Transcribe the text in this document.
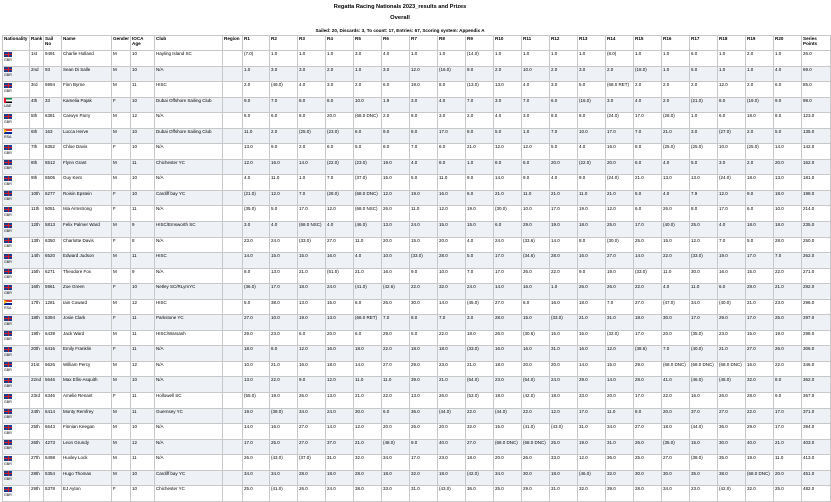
Regatta Racing Nationals 2023_results and Prizes
Overall
Sailed: 20, Discards: 3, To count: 17, Entries: 67, Scoring system: Appendix A
Nationality	Rank	Sail No	Name	Gender	IOCA Age	Club	Region	R1	R2	R3	R4	R5	R6	R7	R8	R9	R10	R11	R12	R13	R14	R15	R16	R17	R18	R19	R20	Series Points

GBR	1st	9491	Charlie Holland	M	10	Hayling Island SC		(7.0)	1.0	1.0	1.0	3.0	4.0	1.0	1.0	(14.0)	1.0	1.0	1.0	1.0	(8.0)	1.0	1.0	6.0	1.0	2.0	1.0	26.0

GBR	2nd	93	Sean Di Salle	M	10	N/A		1.0	3.0	3.0	2.0	1.0	3.0	12.0	(16.0)	9.0	2.0	10.0	2.0	3.0	2.0	(18.0)	1.0	5.0	1.0	1.0	4.0	69.0

GBR	3rd	6994	Finn Byrne	M	11	HISC		2.0	(49.0)	4.0	3.0	2.0	6.0	19.0	8.0	(13.0)	13.0	4.0	3.0	5.0	(68.0 RET)	2.0	2.0	2.0	12.0	2.0	6.0	85.0

UAE	4th	33	Kamelia Pajak	F	10	Dubai Offshore Sailing Club		9.0	7.0	8.0	8.0	10.0	1.9	3.0	4.0	7.0	3.0	7.0	6.0	(16.0)	3.0	4.0	2.0	(21.0)	8.0	(19.0)	9.0	98.0

GBR	5th	6381	Carwyn Parry	M	12	N/A		6.0	6.0	8.0	20.0	(68.0 DNC)	2.0	8.0	3.0	2.0	4.0	3.0	8.0	8.0	(24.0)	17.0	(28.0)	1.0	6.0	18.0	8.0	123.0

RSA	6th	163	Lucca Herve	M	10	Dubai Offshore Sailing Club		11.0	2.0	(25.0)	(23.0)	6.0	9.0	8.0	17.0	8.0	5.0	1.0	7.0	10.0	17.0	7.0	21.0	3.0	(27.0)	2.0	5.0	135.0

GBR	7th	6352	Chloe Davis	F	10	N/A		13.0	9.0	2.0	6.0	5.0	8.0	7.0	6.0	21.0	12.0	12.0	5.0	4.0	16.0	8.0	(25.0)	(25.0)	10.0	(25.0)	14.0	142.0

GBR	8th	5512	Flynn Grant	M	11	Chichester YC		12.0	16.0	14.0	(22.0)	(23.0)	19.0	4.0	8.0	1.0	8.0	6.0	20.0	(22.0)	20.0	6.0	4.0	5.0	3.0	2.0	20.0	162.0

GBR	9th	6505	Guy Kent	M	10	N/A		4.0	11.0	1.0	7.0	(37.0)	15.0	5.0	11.0	9.0	14.0	9.0	4.0	9.0	(24.0)	21.0	13.0	13.0	(24.0)	18.0	13.0	181.0

GBR	10th	6277	Roisin Epstein	F	10	Cardiff bay YC		(21.0)	12.0	7.0	(28.0)	(68.0 DNC)	12.0	19.0	16.0	6.0	21.0	11.0	21.0	11.0	21.0	5.0	4.0	7.9	12.0	9.0	18.0	198.0

GBR	11th	5051	Isla Armstrong	F	11	N/A		(35.0)	5.0	17.0	12.0	(68.0 NSC)	26.0	11.0	12.0	19.0	(30.0)	10.0	17.0	19.0	12.0	6.0	26.0	8.0	17.0	6.0	10.0	214.0

GBR	12th	5813	Felix Palmer Ward	M	9	HISC/Emsworth SC		3.0	4.0	(68.0 NSC)	4.0	(46.0)	13.0	24.0	15.0	15.0	6.0	29.0	19.0	18.0	25.0	17.0	(40.0)	25.0	4.0	18.0	18.0	235.0

GBR	13th	6350	Charlotte Davis	F	8	N/A		23.0	24.0	(33.0)	27.0	11.0	20.0	15.0	20.0	4.0	24.0	(33.6)	14.0	8.0	(30.0)	25.0	15.0	12.0	7.0	5.0	28.0	250.0

GBR	14th	6520	Edward Judson	M	11	HISC		14.0	15.0	15.0	16.0	4.0	10.0	(33.0)	28.0	5.0	17.0	(34.6)	28.0	16.0	27.0	14.0	22.0	(33.0)	19.0	17.0	7.0	262.0

GBR	15th	6271	Theodore Fox	M	9	N/A		8.0	13.0	21.0	(51.0)	21.0	16.0	9.0	10.0	7.0	17.0	26.0	22.0	9.0	19.0	(33.0)	11.0	30.0	16.0	15.0	22.0	271.0

GBR	16th	5961	Zoe Green	F	10	Netley SC/RLymYC		(36.0)	17.0	18.0	24.0	(41.0)	(42.6)	22.0	32.0	24.0	14.0	16.0	1.0	26.0	26.0	22.0	4.0	11.0	6.0	28.0	21.0	282.0

RSA	17th	1281	Iain Coward	M	12	HISC		5.0	38.0	13.0	15.0	6.0	26.0	30.0	14.0	(45.0)	27.0	6.0	16.0	18.0	7.0	27.0	(47.0)	34.0	(40.0)	21.0	23.0	296.0

GBR	18th	5394	Josie Clark	F	11	Parkstone YC		27.0	10.0	19.0	13.0	(68.0 RET)	7.0	8.0	7.0	3.0	28.0	15.0	(33.0)	21.0	31.0	18.0	30.0	17.0	29.0	17.0	25.0	297.0

GBR	19th	6439	Jack Ward	M	11	HISC/Warsash		29.0	23.0	6.0	20.0	6.0	29.0	5.0	22.0	18.0	26.0	(30.6)	15.0	16.0	(32.0)	17.0	20.0	(35.0)	23.0	15.0	19.0	298.0

GBR	20th	6416	Emily Franklin	F	11	N/A		18.0	8.0	12.0	16.0	18.0	22.0	18.0	18.0	(33.0)	16.0	16.0	31.0	16.0	12.0	(38.6)	7.0	(40.0)	21.0	27.0	26.0	306.0

GBR	21st	6626	William Percy	M	12	N/A		10.0	21.0	16.0	18.0	14.0	27.0	29.0	23.0	21.0	18.0	20.0	20.0	14.0	15.0	29.0	(68.0 DNC)	(68.0 DNC)	(68.0 DNC)	15.0	22.0	346.0

GBR	22nd	5646	Max Ellis-Asquith	M	10	N/A		13.0	22.0	9.0	12.0	11.0	11.0	39.0	21.0	(54.0)	23.0	(54.0)	24.0	29.0	14.0	28.0	41.0	(46.0)	(45.0)	32.0	8.0	362.0

GBR	23rd	6346	Amelie Renant	F	11	Hollowell SC		(55.0)	19.0	26.0	13.0	21.0	22.0	13.0	26.0	(53.0)	18.0	(42.0)	18.0	33.0	20.0	17.0	22.0	16.0	26.0	28.0	9.0	367.0

GBR	24th	6414	Monty Remfrey	M	11	Guernsey YC		19.0	(39.0)	34.0	24.0	30.0	6.0	36.0	(44.0)	22.0	(44.0)	22.0	12.0	17.0	11.0	8.0	20.0	37.0	27.0	22.0	17.0	371.0

GBR	25th	6643	Finnian Keegan	M	10	N/A		14.0	16.0	27.0	14.0	12.0	20.0	26.0	20.0	32.0	15.0	(41.0)	(43.0)	31.0	34.0	27.0	18.0	(44.0)	36.0	29.0	17.0	394.0

GBR	26th	4273	Leon Grundy	M	12	N/A		17.0	25.0	27.0	37.0	21.0	(48.0)	9.0	40.0	27.0	(68.0 DNC)	(68.0 DNC)	25.0	19.0	31.0	26.0	(35.0)	15.0	30.0	40.0	21.0	403.0

GBR	27th	5498	Huxley Lock	M	11	N/A		26.0	(43.0)	(37.0)	31.0	32.0	34.0	17.0	23.0	18.0	20.0	26.0	33.0	12.0	36.0	25.0	27.0	(38.0)	35.0	19.0	11.0	413.0

GBR	28th	5354	Hugo Thomas	M	10	Cardiff bay YC		34.0	34.0	28.0	18.0	28.0	18.0	32.0	18.0	(42.0)	34.0	30.0	18.0	(46.0)	32.0	30.0	30.0	35.0	38.0	(68.0 DNC)	20.0	451.0

GBR	29th	5378	EJ Ayton	F	10	Chichester YC		25.0	(41.0)	26.0	24.0	38.0	33.0	31.0	(43.0)	36.0	25.0	29.0	31.0	32.0	39.0	28.0	34.0	23.0	(42.0)	32.0	25.0	482.0
